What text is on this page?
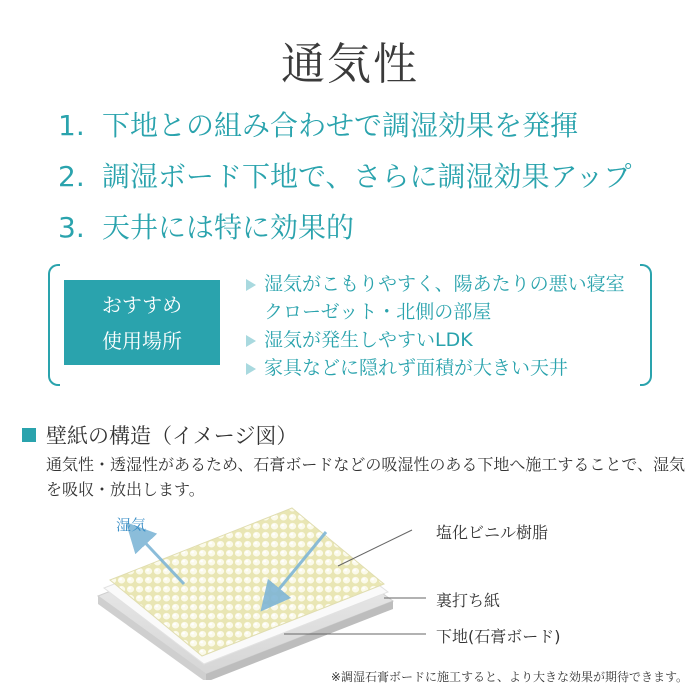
通気性
1. 下地との組み合わせで調湿効果を発揮
2. 調湿ボード下地で、さらに調湿効果アップ
3. 天井には特に効果的
おすすめ
使用場所
湿気がこもりやすく、陽あたりの悪い寝室
クローゼット・北側の部屋
湿気が発生しやすいLDK
家具などに隠れず面積が大きい天井
壁紙の構造（イメージ図）
通気性・透湿性があるため、石膏ボードなどの吸湿性のある下地へ施工することで、湿気を吸収・放出します。
湿気	塩化ビニル樹脂
裏打ち紙
下地(石膏ボード)
※調湿石膏ボードに施工すると、より大きな効果が期待できます。
